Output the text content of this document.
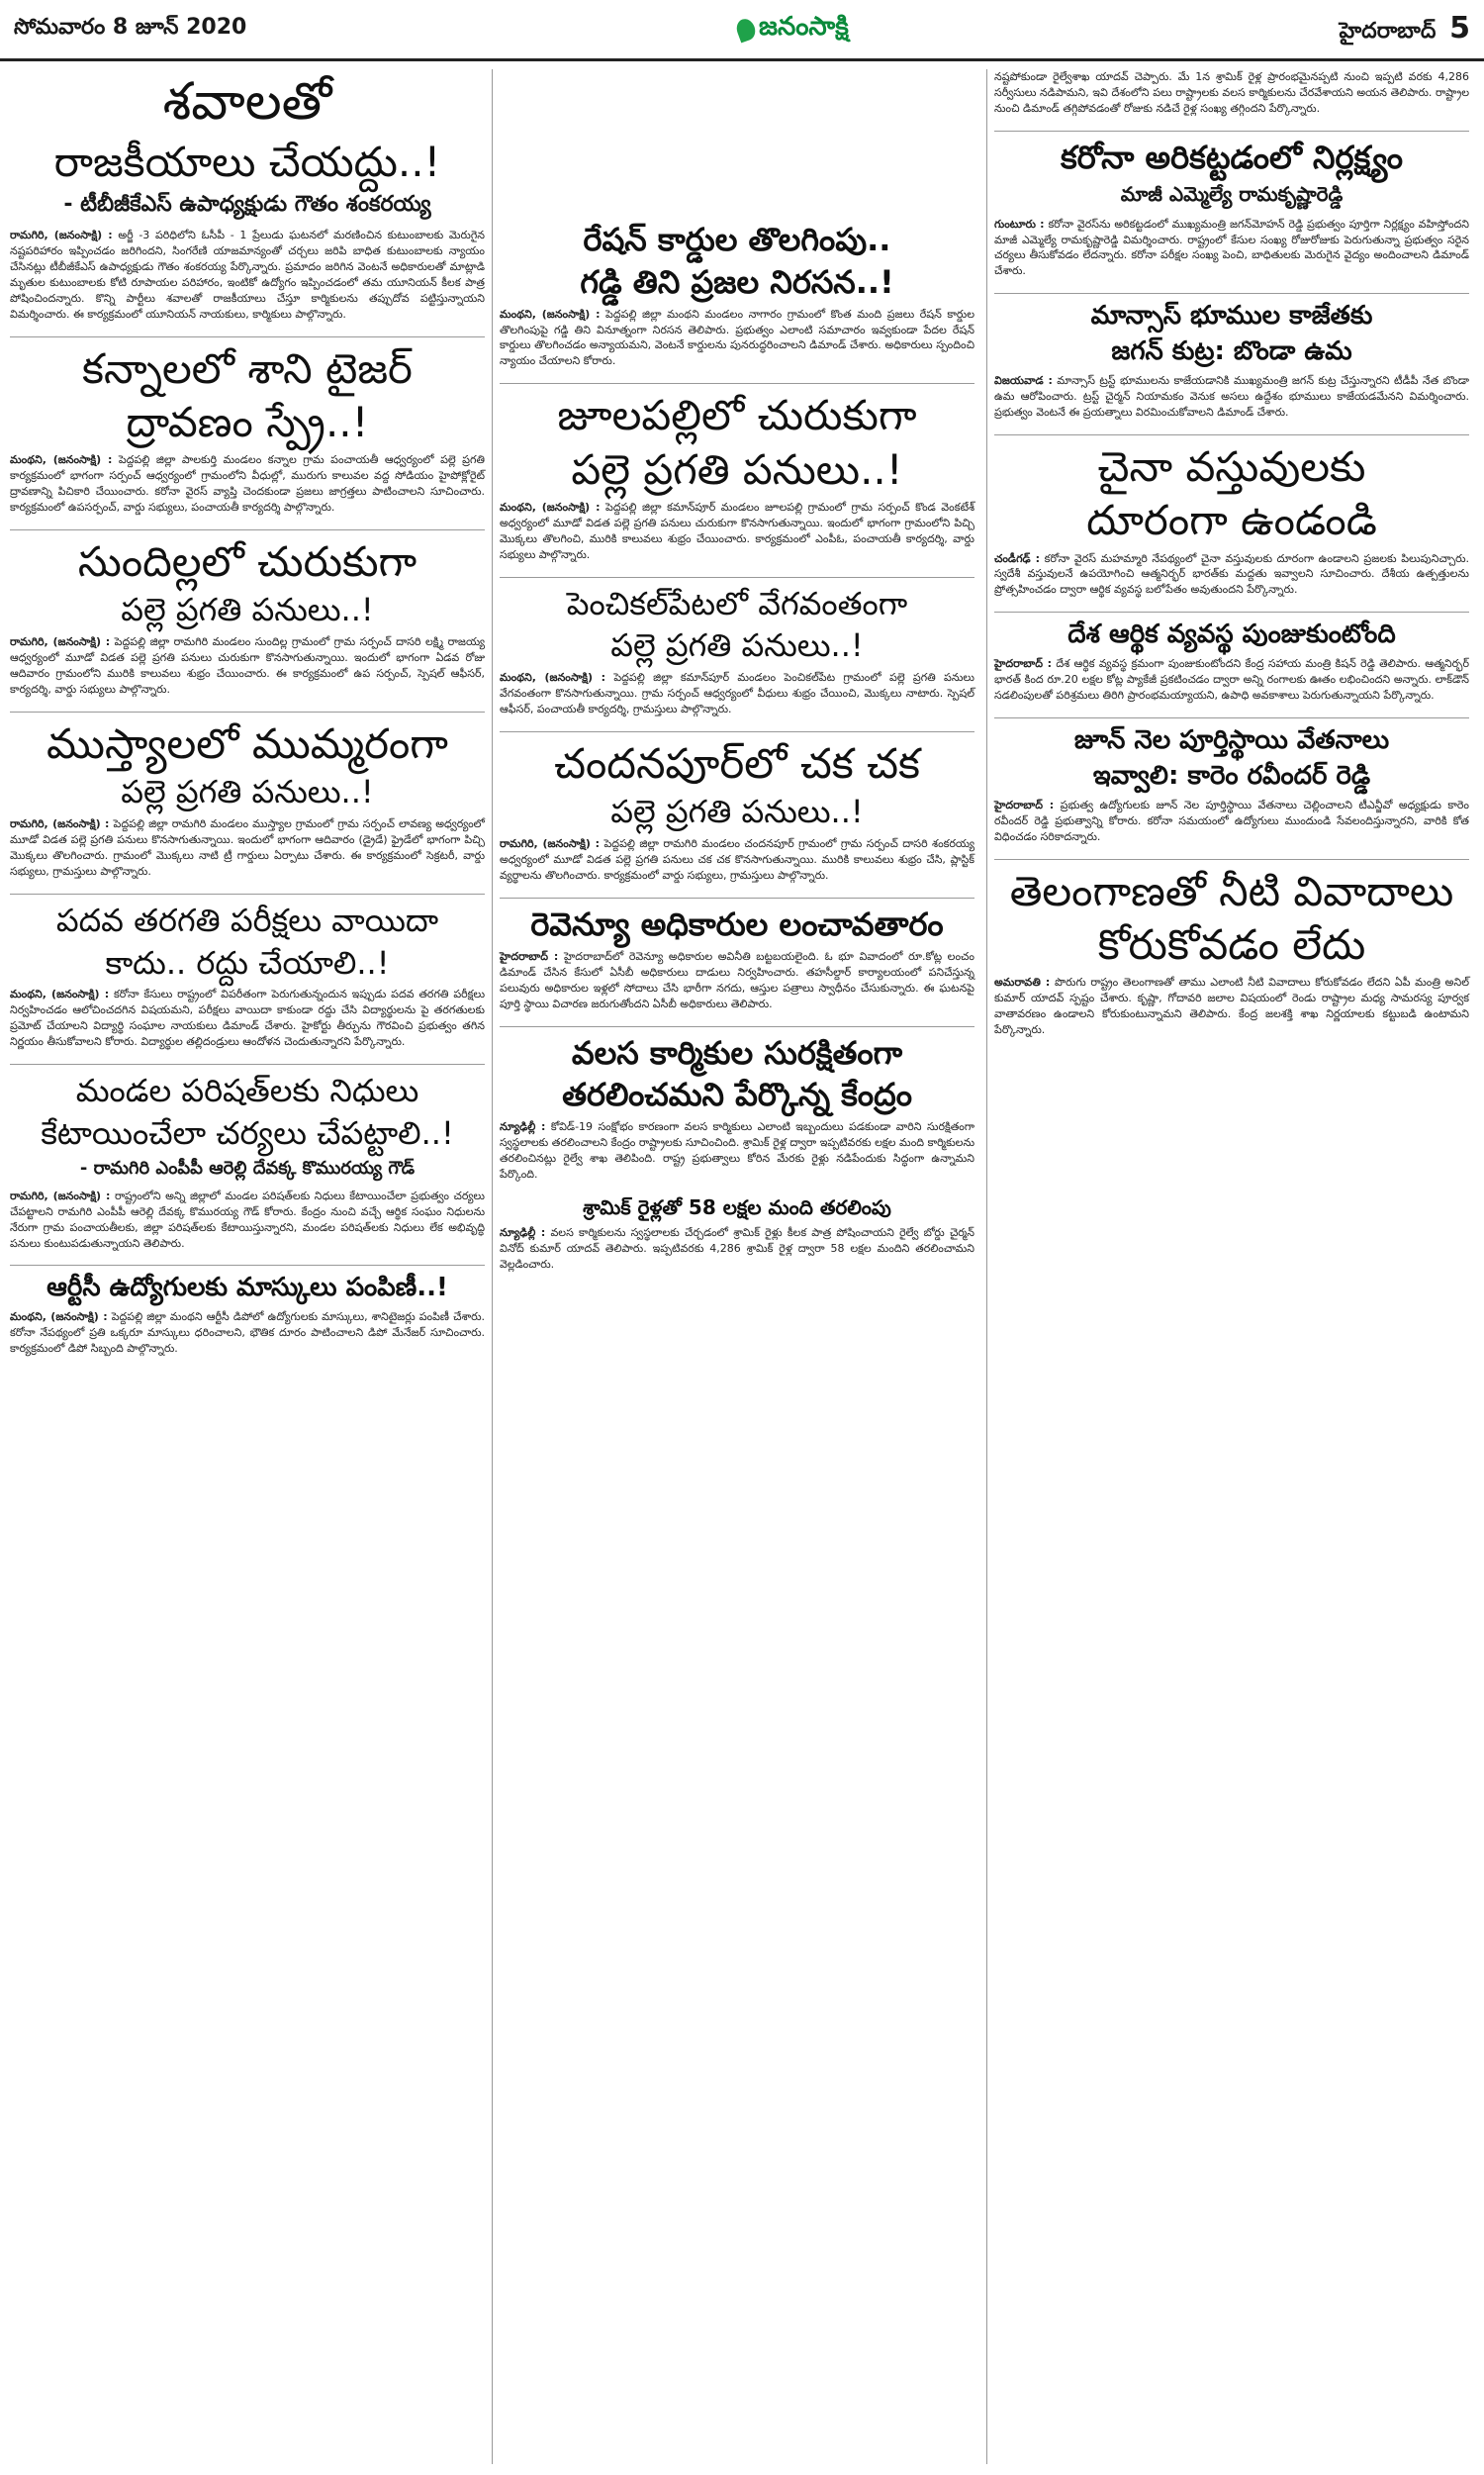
సోమవారం 8 జూన్ 2020	జనంసాక్షి	హైదరాబాద్ 5
శవాలతో
రాజకీయాలు చేయద్దు..!
- టీబీజీకేఎస్ ఉపాధ్యక్షుడు గౌతం శంకరయ్య
రామగిరి, (జనంసాక్షి) : అర్జీ -3 పరిధిలోని ఓసీపీ - 1 ప్రేలుడు ఘటనలో మరణించిన కుటుంబాలకు మెరుగైన నష్టపరిహారం ఇప్పించడం జరిగిందని, సింగరేణి యాజమాన్యంతో చర్చలు జరిపి బాధిత కుటుంబాలకు న్యాయం చేసినట్లు టీబీజీకేఎస్ ఉపాధ్యక్షుడు గౌతం శంకరయ్య పేర్కొన్నారు. ప్రమాదం జరిగిన వెంటనే అధికారులతో మాట్లాడి మృతుల కుటుంబాలకు కోటి రూపాయల పరిహారం, ఇంటికో ఉద్యోగం ఇప్పించడంలో తమ యూనియన్ కీలక పాత్ర పోషించిందన్నారు. కొన్ని పార్టీలు శవాలతో రాజకీయాలు చేస్తూ కార్మికులను తప్పుదోవ పట్టిస్తున్నాయని విమర్శించారు. ఈ కార్యక్రమంలో యూనియన్ నాయకులు, కార్మికులు పాల్గొన్నారు.
కన్నాలలో శాని టైజర్
ద్రావణం స్ప్రే..!
మంథని, (జనంసాక్షి) : పెద్దపల్లి జిల్లా పాలకుర్తి మండలం కన్నాల గ్రామ పంచాయతీ ఆధ్వర్యంలో పల్లె ప్రగతి కార్యక్రమంలో భాగంగా సర్పంచ్ ఆధ్వర్యంలో గ్రామంలోని వీధుల్లో, మురుగు కాలువల వద్ద సోడియం హైపోక్లోరైట్ ద్రావణాన్ని పిచికారి చేయించారు. కరోనా వైరస్ వ్యాప్తి చెందకుండా ప్రజలు జాగ్రత్తలు పాటించాలని సూచించారు. కార్యక్రమంలో ఉపసర్పంచ్, వార్డు సభ్యులు, పంచాయతీ కార్యదర్శి పాల్గొన్నారు.
సుందిల్లలో చురుకుగా
పల్లె ప్రగతి పనులు..!
రామగిరి, (జనంసాక్షి) : పెద్దపల్లి జిల్లా రామగిరి మండలం సుందిల్ల గ్రామంలో గ్రామ సర్పంచ్ దాసరి లక్ష్మి రాజయ్య ఆధ్వర్యంలో మూడో విడత పల్లె ప్రగతి పనులు చురుకుగా కొనసాగుతున్నాయి. ఇందులో భాగంగా ఏడవ రోజు ఆదివారం గ్రామంలోని మురికి కాలువలు శుభ్రం చేయించారు. ఈ కార్యక్రమంలో ఉప సర్పంచ్, స్పెషల్ ఆఫీసర్, కార్యదర్శి, వార్డు సభ్యులు పాల్గొన్నారు.
ముస్త్యాలలో ముమ్మరంగా
పల్లె ప్రగతి పనులు..!
రామగిరి, (జనంసాక్షి) : పెద్దపల్లి జిల్లా రామగిరి మండలం ముస్త్యాల గ్రామంలో గ్రామ సర్పంచ్ లావణ్య అధ్వర్యంలో మూడో విడత పల్లె ప్రగతి పనులు కొనసాగుతున్నాయి. ఇందులో భాగంగా ఆదివారం (డ్రైడే) ఫ్రైడేలో భాగంగా పిచ్చి మొక్కలు తొలగించారు. గ్రామంలో మొక్కలు నాటి ట్రీ గార్డులు ఏర్పాటు చేశారు. ఈ కార్యక్రమంలో సెక్రటరీ, వార్డు సభ్యులు, గ్రామస్తులు పాల్గొన్నారు.
పదవ తరగతి పరీక్షలు వాయిదా
కాదు.. రద్దు చేయాలి..!
మంథని, (జనంసాక్షి) : కరోనా కేసులు రాష్ట్రంలో విపరీతంగా పెరుగుతున్నందున ఇప్పుడు పదవ తరగతి పరీక్షలు నిర్వహించడం ఆలోచించదగిన విషయమని, పరీక్షలు వాయిదా కాకుండా రద్దు చేసి విద్యార్థులను పై తరగతులకు ప్రమోట్ చేయాలని విద్యార్థి సంఘాల నాయకులు డిమాండ్ చేశారు. హైకోర్టు తీర్పును గౌరవించి ప్రభుత్వం తగిన నిర్ణయం తీసుకోవాలని కోరారు. విద్యార్థుల తల్లిదండ్రులు ఆందోళన చెందుతున్నారని పేర్కొన్నారు.
మండల పరిషత్‌లకు నిధులు
కేటాయించేలా చర్యలు చేపట్టాలి..!
- రామగిరి ఎంపీపీ ఆరెల్లి దేవక్క కొమురయ్య గౌడ్
రామగిరి, (జనంసాక్షి) : రాష్ట్రంలోని అన్ని జిల్లాలో మండల పరిషత్‌లకు నిధులు కేటాయించేలా ప్రభుత్వం చర్యలు చేపట్టాలని రామగిరి ఎంపీపీ ఆరెల్లి దేవక్క కొమురయ్య గౌడ్ కోరారు. కేంద్రం నుంచి వచ్చే ఆర్థిక సంఘం నిధులను నేరుగా గ్రామ పంచాయతీలకు, జిల్లా పరిషత్‌లకు కేటాయిస్తున్నారని, మండల పరిషత్‌లకు నిధులు లేక అభివృద్ధి పనులు కుంటుపడుతున్నాయని తెలిపారు.
ఆర్టీసీ ఉద్యోగులకు మాస్కులు పంపిణీ..!
మంథని, (జనంసాక్షి) : పెద్దపల్లి జిల్లా మంథని ఆర్టీసీ డిపోలో ఉద్యోగులకు మాస్కులు, శానిటైజర్లు పంపిణీ చేశారు. కరోనా నేపథ్యంలో ప్రతి ఒక్కరూ మాస్కులు ధరించాలని, భౌతిక దూరం పాటించాలని డిపో మేనేజర్ సూచించారు. కార్యక్రమంలో డిపో సిబ్బంది పాల్గొన్నారు.
రేషన్ కార్డుల తొలగింపు..
గడ్డి తిని ప్రజల నిరసన..!
మంథని, (జనంసాక్షి) : పెద్దపల్లి జిల్లా మంథని మండలం నాగారం గ్రామంలో కొంత మంది ప్రజలు రేషన్ కార్డుల తొలగింపుపై గడ్డి తిని వినూత్నంగా నిరసన తెలిపారు. ప్రభుత్వం ఎలాంటి సమాచారం ఇవ్వకుండా పేదల రేషన్ కార్డులు తొలగించడం అన్యాయమని, వెంటనే కార్డులను పునరుద్ధరించాలని డిమాండ్ చేశారు. అధికారులు స్పందించి న్యాయం చేయాలని కోరారు.
జూలపల్లిలో చురుకుగా
పల్లె ప్రగతి పనులు..!
మంథని, (జనంసాక్షి) : పెద్దపల్లి జిల్లా కమాన్‌పూర్ మండలం జూలపల్లి గ్రామంలో గ్రామ సర్పంచ్ కొండ వెంకటేశ్ అధ్వర్యంలో మూడో విడత పల్లె ప్రగతి పనులు చురుకుగా కొనసాగుతున్నాయి. ఇందులో భాగంగా గ్రామంలోని పిచ్చి మొక్కలు తొలగించి, మురికి కాలువలు శుభ్రం చేయించారు. కార్యక్రమంలో ఎంపీఓ, పంచాయతీ కార్యదర్శి, వార్డు సభ్యులు పాల్గొన్నారు.
పెంచికల్‌పేటలో వేగవంతంగా
పల్లె ప్రగతి పనులు..!
మంథని, (జనంసాక్షి) : పెద్దపల్లి జిల్లా కమాన్‌పూర్ మండలం పెంచికల్‌పేట గ్రామంలో పల్లె ప్రగతి పనులు వేగవంతంగా కొనసాగుతున్నాయి. గ్రామ సర్పంచ్ ఆధ్వర్యంలో వీధులు శుభ్రం చేయించి, మొక్కలు నాటారు. స్పెషల్ ఆఫీసర్, పంచాయతీ కార్యదర్శి, గ్రామస్తులు పాల్గొన్నారు.
చందనపూర్‌లో చక చక
పల్లె ప్రగతి పనులు..!
రామగిరి, (జనంసాక్షి) : పెద్దపల్లి జిల్లా రామగిరి మండలం చందనపూర్ గ్రామంలో గ్రామ సర్పంచ్ దాసరి శంకరయ్య అధ్వర్యంలో మూడో విడత పల్లె ప్రగతి పనులు చక చక కొనసాగుతున్నాయి. మురికి కాలువలు శుభ్రం చేసి, ప్లాస్టిక్ వ్యర్థాలను తొలగించారు. కార్యక్రమంలో వార్డు సభ్యులు, గ్రామస్తులు పాల్గొన్నారు.
రెవెన్యూ అధికారుల లంచావతారం
హైదరాబాద్ : హైదరాబాద్‌లో రెవెన్యూ అధికారుల అవినీతి బట్టబయలైంది. ఓ భూ వివాదంలో రూ.కోట్ల లంచం డిమాండ్ చేసిన కేసులో ఏసీబీ అధికారులు దాడులు నిర్వహించారు. తహసీల్దార్ కార్యాలయంలో పనిచేస్తున్న పలువురు అధికారుల ఇళ్లలో సోదాలు చేసి భారీగా నగదు, ఆస్తుల పత్రాలు స్వాధీనం చేసుకున్నారు. ఈ ఘటనపై పూర్తి స్థాయి విచారణ జరుగుతోందని ఏసీబీ అధికారులు తెలిపారు.
వలస కార్మికుల సురక్షితంగా
తరలించమని పేర్కొన్న కేంద్రం
న్యూఢిల్లీ : కోవిడ్-19 సంక్షోభం కారణంగా వలస కార్మికులు ఎలాంటి ఇబ్బందులు పడకుండా వారిని సురక్షితంగా స్వస్థలాలకు తరలించాలని కేంద్రం రాష్ట్రాలకు సూచించింది. శ్రామిక్ రైళ్ల ద్వారా ఇప్పటివరకు లక్షల మంది కార్మికులను తరలించినట్లు రైల్వే శాఖ తెలిపింది. రాష్ట్ర ప్రభుత్వాలు కోరిన మేరకు రైళ్లు నడిపేందుకు సిద్ధంగా ఉన్నామని పేర్కొంది.
శ్రామిక్ రైళ్లతో 58 లక్షల మంది తరలింపు
న్యూఢిల్లీ : వలస కార్మికులను స్వస్థలాలకు చేర్చడంలో శ్రామిక్ రైళ్లు కీలక పాత్ర పోషించాయని రైల్వే బోర్డు చైర్మన్ వినోద్ కుమార్ యాదవ్ తెలిపారు. ఇప్పటివరకు 4,286 శ్రామిక్ రైళ్ల ద్వారా 58 లక్షల మందిని తరలించామని వెల్లడించారు.
నష్టపోకుండా రైల్వేశాఖ యాదవ్ చెప్పారు. మే 1న శ్రామిక్ రైళ్ల ప్రారంభమైనప్పటి నుంచి ఇప్పటి వరకు 4,286 సర్వీసులు నడిపామని, ఇవి దేశంలోని పలు రాష్ట్రాలకు వలస కార్మికులను చేరవేశాయని అయన తెలిపారు. రాష్ట్రాల నుంచి డిమాండ్ తగ్గిపోవడంతో రోజుకు నడిచే రైళ్ల సంఖ్య తగ్గిందని పేర్కొన్నారు.
కరోనా అరికట్టడంలో నిర్లక్ష్యం
మాజీ ఎమ్మెల్యే రామకృష్ణారెడ్డి
గుంటూరు : కరోనా వైరస్‌ను అరికట్టడంలో ముఖ్యమంత్రి జగన్‌మోహన్ రెడ్డి ప్రభుత్వం పూర్తిగా నిర్లక్ష్యం వహిస్తోందని మాజీ ఎమ్మెల్యే రామకృష్ణారెడ్డి విమర్శించారు. రాష్ట్రంలో కేసుల సంఖ్య రోజురోజుకు పెరుగుతున్నా ప్రభుత్వం సరైన చర్యలు తీసుకోవడం లేదన్నారు. కరోనా పరీక్షల సంఖ్య పెంచి, బాధితులకు మెరుగైన వైద్యం అందించాలని డిమాండ్ చేశారు.
మాన్సాస్ భూముల కాజేతకు
జగన్ కుట్ర: బొండా ఉమ
విజయవాడ : మాన్సాస్ ట్రస్ట్ భూములను కాజేయడానికి ముఖ్యమంత్రి జగన్ కుట్ర చేస్తున్నారని టీడీపీ నేత బొండా ఉమ ఆరోపించారు. ట్రస్ట్ చైర్మన్ నియామకం వెనుక అసలు ఉద్దేశం భూములు కాజేయడమేనని విమర్శించారు. ప్రభుత్వం వెంటనే ఈ ప్రయత్నాలు విరమించుకోవాలని డిమాండ్ చేశారు.
చైనా వస్తువులకు
దూరంగా ఉండండి
చండీగఢ్ : కరోనా వైరస్ మహమ్మారి నేపథ్యంలో చైనా వస్తువులకు దూరంగా ఉండాలని ప్రజలకు పిలుపునిచ్చారు. స్వదేశీ వస్తువులనే ఉపయోగించి ఆత్మనిర్భర్ భారత్‌కు మద్దతు ఇవ్వాలని సూచించారు. దేశీయ ఉత్పత్తులను ప్రోత్సహించడం ద్వారా ఆర్థిక వ్యవస్థ బలోపేతం అవుతుందని పేర్కొన్నారు.
దేశ ఆర్థిక వ్యవస్థ పుంజుకుంటోంది
హైదరాబాద్ : దేశ ఆర్థిక వ్యవస్థ క్రమంగా పుంజుకుంటోందని కేంద్ర సహాయ మంత్రి కిషన్ రెడ్డి తెలిపారు. ఆత్మనిర్భర్ భారత్ కింద రూ.20 లక్షల కోట్ల ప్యాకేజీ ప్రకటించడం ద్వారా అన్ని రంగాలకు ఊతం లభించిందని అన్నారు. లాక్‌డౌన్ సడలింపులతో పరిశ్రమలు తిరిగి ప్రారంభమయ్యాయని, ఉపాధి అవకాశాలు పెరుగుతున్నాయని పేర్కొన్నారు.
జూన్ నెల పూర్తిస్థాయి వేతనాలు
ఇవ్వాలి: కారెం రవీందర్ రెడ్డి
హైదరాబాద్ : ప్రభుత్వ ఉద్యోగులకు జూన్ నెల పూర్తిస్థాయి వేతనాలు చెల్లించాలని టీఎన్జీవో అధ్యక్షుడు కారెం రవీందర్ రెడ్డి ప్రభుత్వాన్ని కోరారు. కరోనా సమయంలో ఉద్యోగులు ముందుండి సేవలందిస్తున్నారని, వారికి కోత విధించడం సరికాదన్నారు.
తెలంగాణతో నీటి వివాదాలు
కోరుకోవడం లేదు
అమరావతి : పొరుగు రాష్ట్రం తెలంగాణతో తాము ఎలాంటి నీటి వివాదాలు కోరుకోవడం లేదని ఏపీ మంత్రి అనిల్ కుమార్ యాదవ్ స్పష్టం చేశారు. కృష్ణా, గోదావరి జలాల విషయంలో రెండు రాష్ట్రాల మధ్య సామరస్య పూర్వక వాతావరణం ఉండాలని కోరుకుంటున్నామని తెలిపారు. కేంద్ర జలశక్తి శాఖ నిర్ణయాలకు కట్టుబడి ఉంటామని పేర్కొన్నారు.
